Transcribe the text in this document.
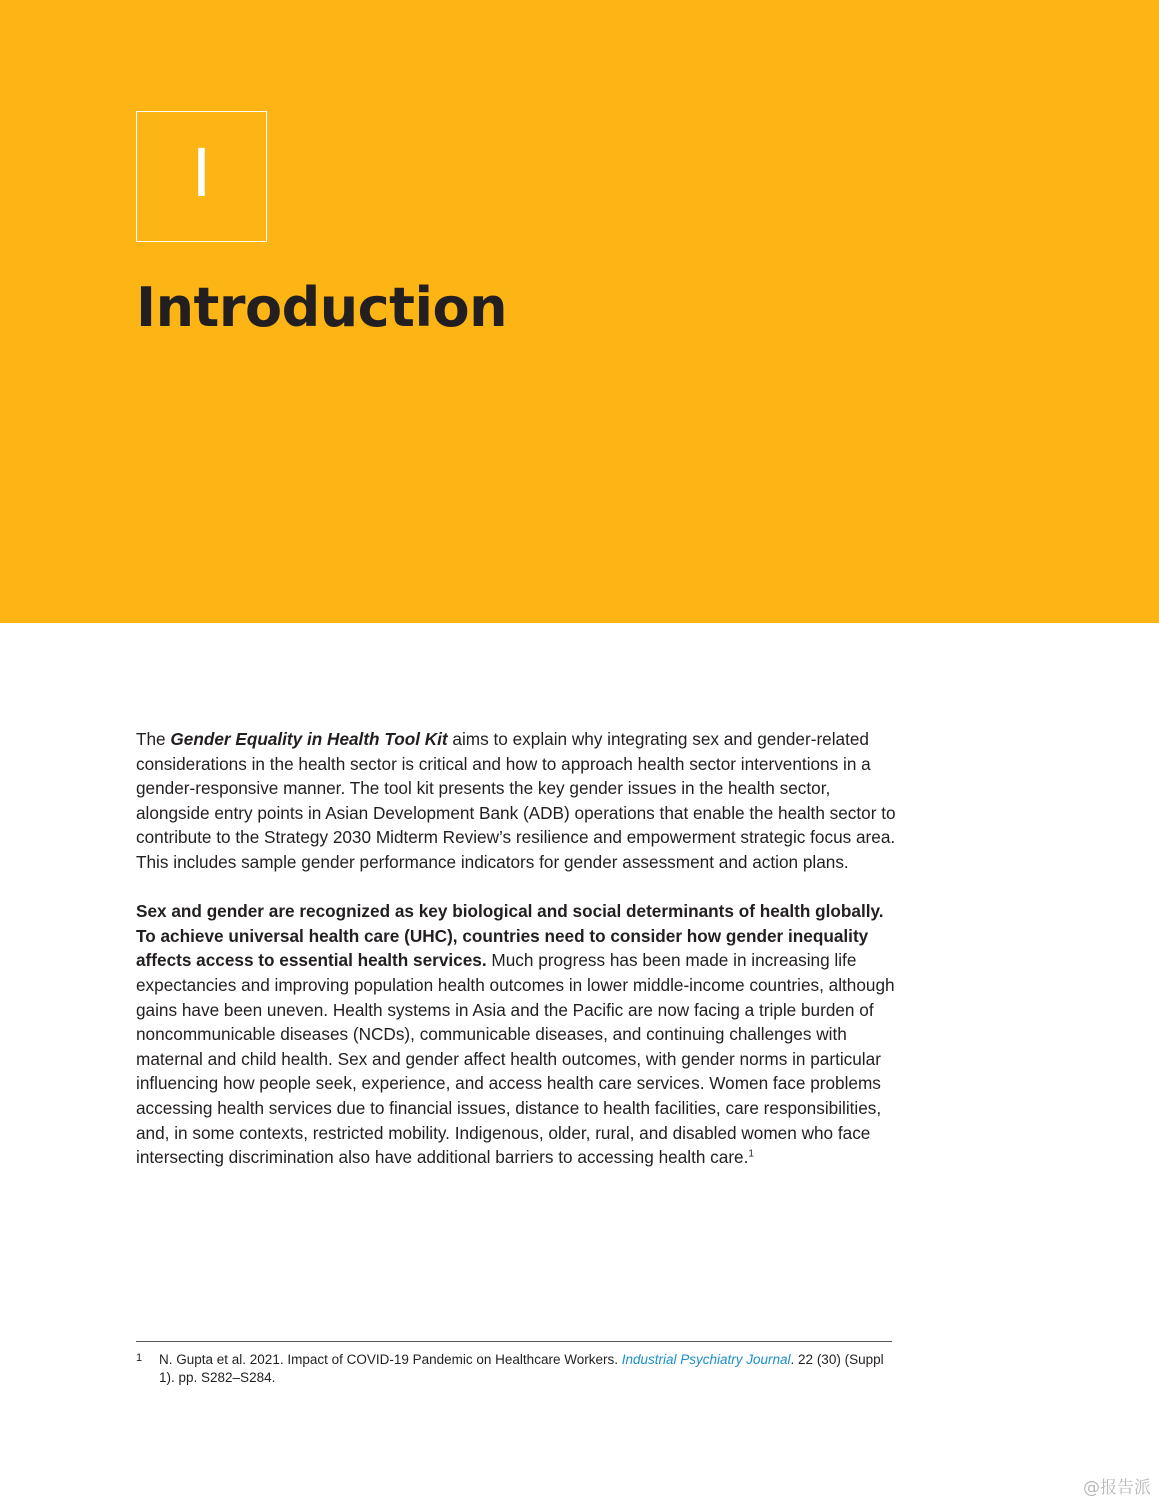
I
Introduction

The Gender Equality in Health Tool Kit aims to explain why integrating sex and gender-related considerations in the health sector is critical and how to approach health sector interventions in a gender-responsive manner. The tool kit presents the key gender issues in the health sector, alongside entry points in Asian Development Bank (ADB) operations that enable the health sector to contribute to the Strategy 2030 Midterm Review’s resilience and empowerment strategic focus area. This includes sample gender performance indicators for gender assessment and action plans.

Sex and gender are recognized as key biological and social determinants of health globally. To achieve universal health care (UHC), countries need to consider how gender inequality affects access to essential health services. Much progress has been made in increasing life expectancies and improving population health outcomes in lower middle-income countries, although gains have been uneven. Health systems in Asia and the Pacific are now facing a triple burden of noncommunicable diseases (NCDs), communicable diseases, and continuing challenges with maternal and child health. Sex and gender affect health outcomes, with gender norms in particular influencing how people seek, experience, and access health care services. Women face problems accessing health services due to financial issues, distance to health facilities, care responsibilities, and, in some contexts, restricted mobility. Indigenous, older, rural, and disabled women who face intersecting discrimination also have additional barriers to accessing health care.$^1$

1 N. Gupta et al. 2021. Impact of COVID-19 Pandemic on Healthcare Workers. Industrial Psychiatry Journal. 22 (30) (Suppl 1). pp. S282–S284.
@报告派
